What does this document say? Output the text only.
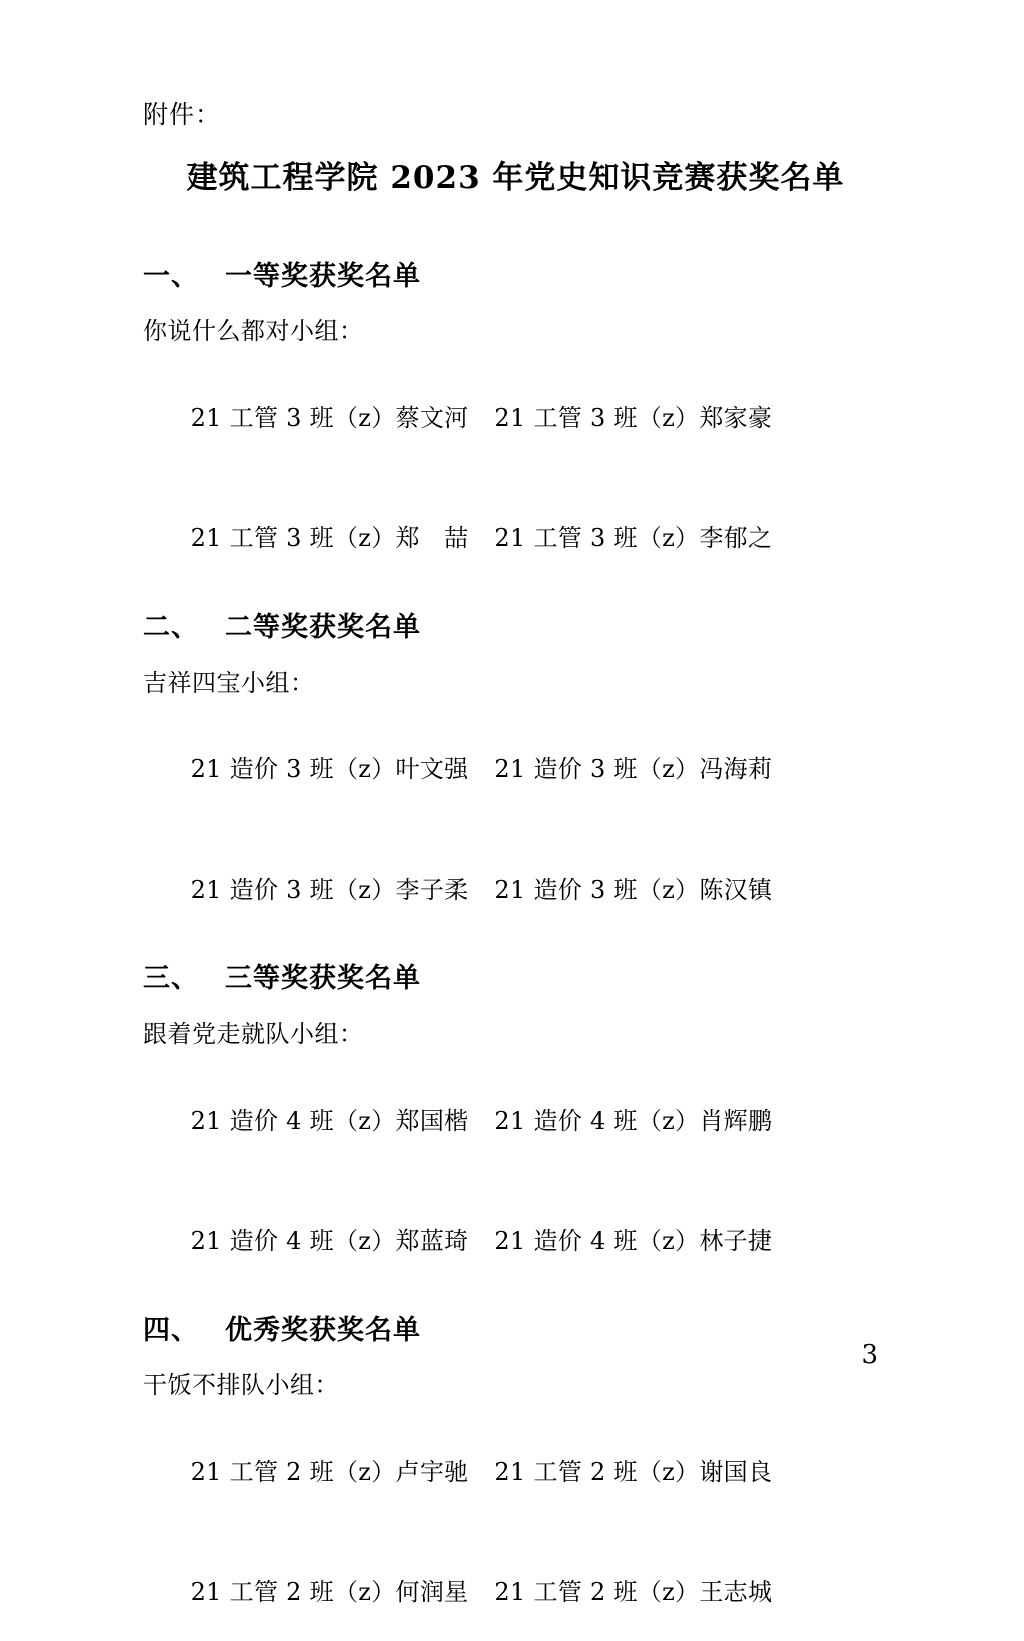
附件：
建筑工程学院 2023 年党史知识竞赛获奖名单
一、 一等奖获奖名单
你说什么都对小组：

21 工管 3 班（z）蔡文河 21 工管 3 班（z）郑家豪

21 工管 3 班（z）郑　喆 21 工管 3 班（z）李郁之

二、 二等奖获奖名单
吉祥四宝小组：

21 造价 3 班（z）叶文强 21 造价 3 班（z）冯海莉

21 造价 3 班（z）李子柔 21 造价 3 班（z）陈汉镇

三、 三等奖获奖名单
跟着党走就队小组：

21 造价 4 班（z）郑国楷 21 造价 4 班（z）肖辉鹏

21 造价 4 班（z）郑蓝琦 21 造价 4 班（z）林子捷

四、 优秀奖获奖名单
干饭不排队小组：

21 工管 2 班（z）卢宇驰 21 工管 2 班（z）谢国良

21 工管 2 班（z）何润星 21 工管 2 班（z）王志城

3
